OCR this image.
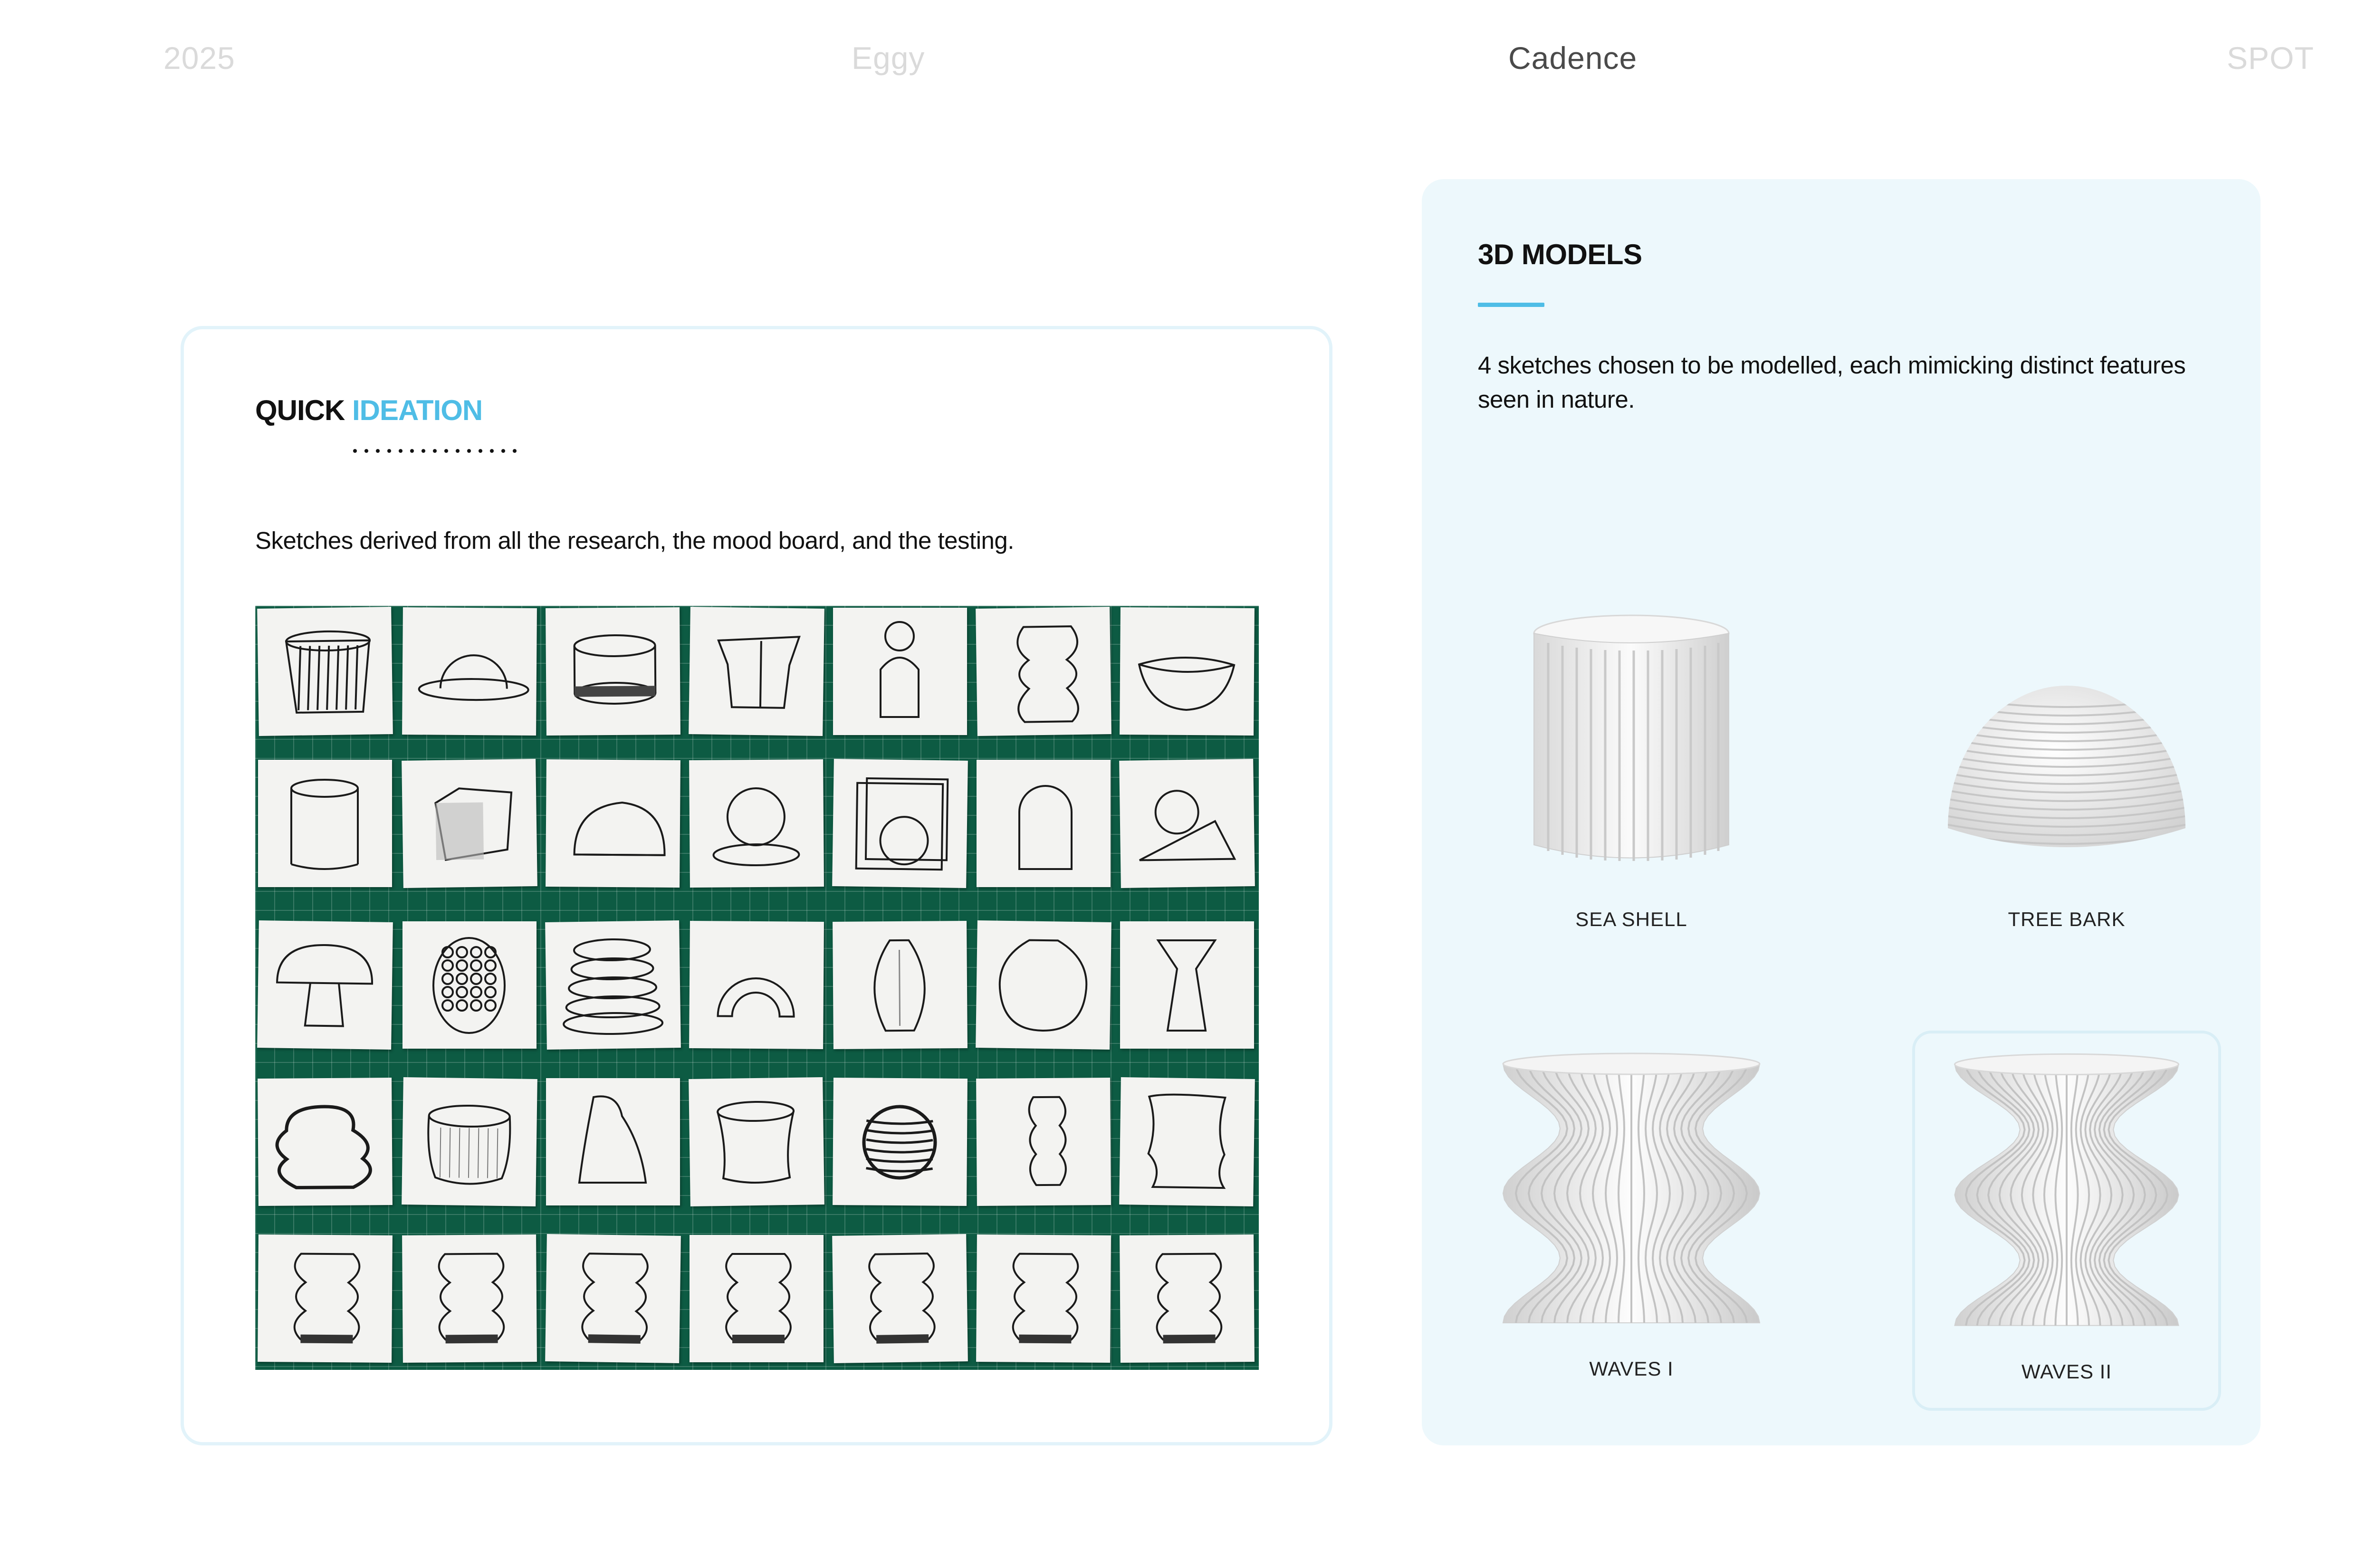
2025	Eggy	Cadence	SPOT
QUICK IDEATION
Sketches derived from all the research, the mood board, and the testing.
3D MODELS
4 sketches chosen to be modelled, each mimicking distinct features seen in nature.
SEA SHELL	TREE BARK
WAVES I	WAVES II
